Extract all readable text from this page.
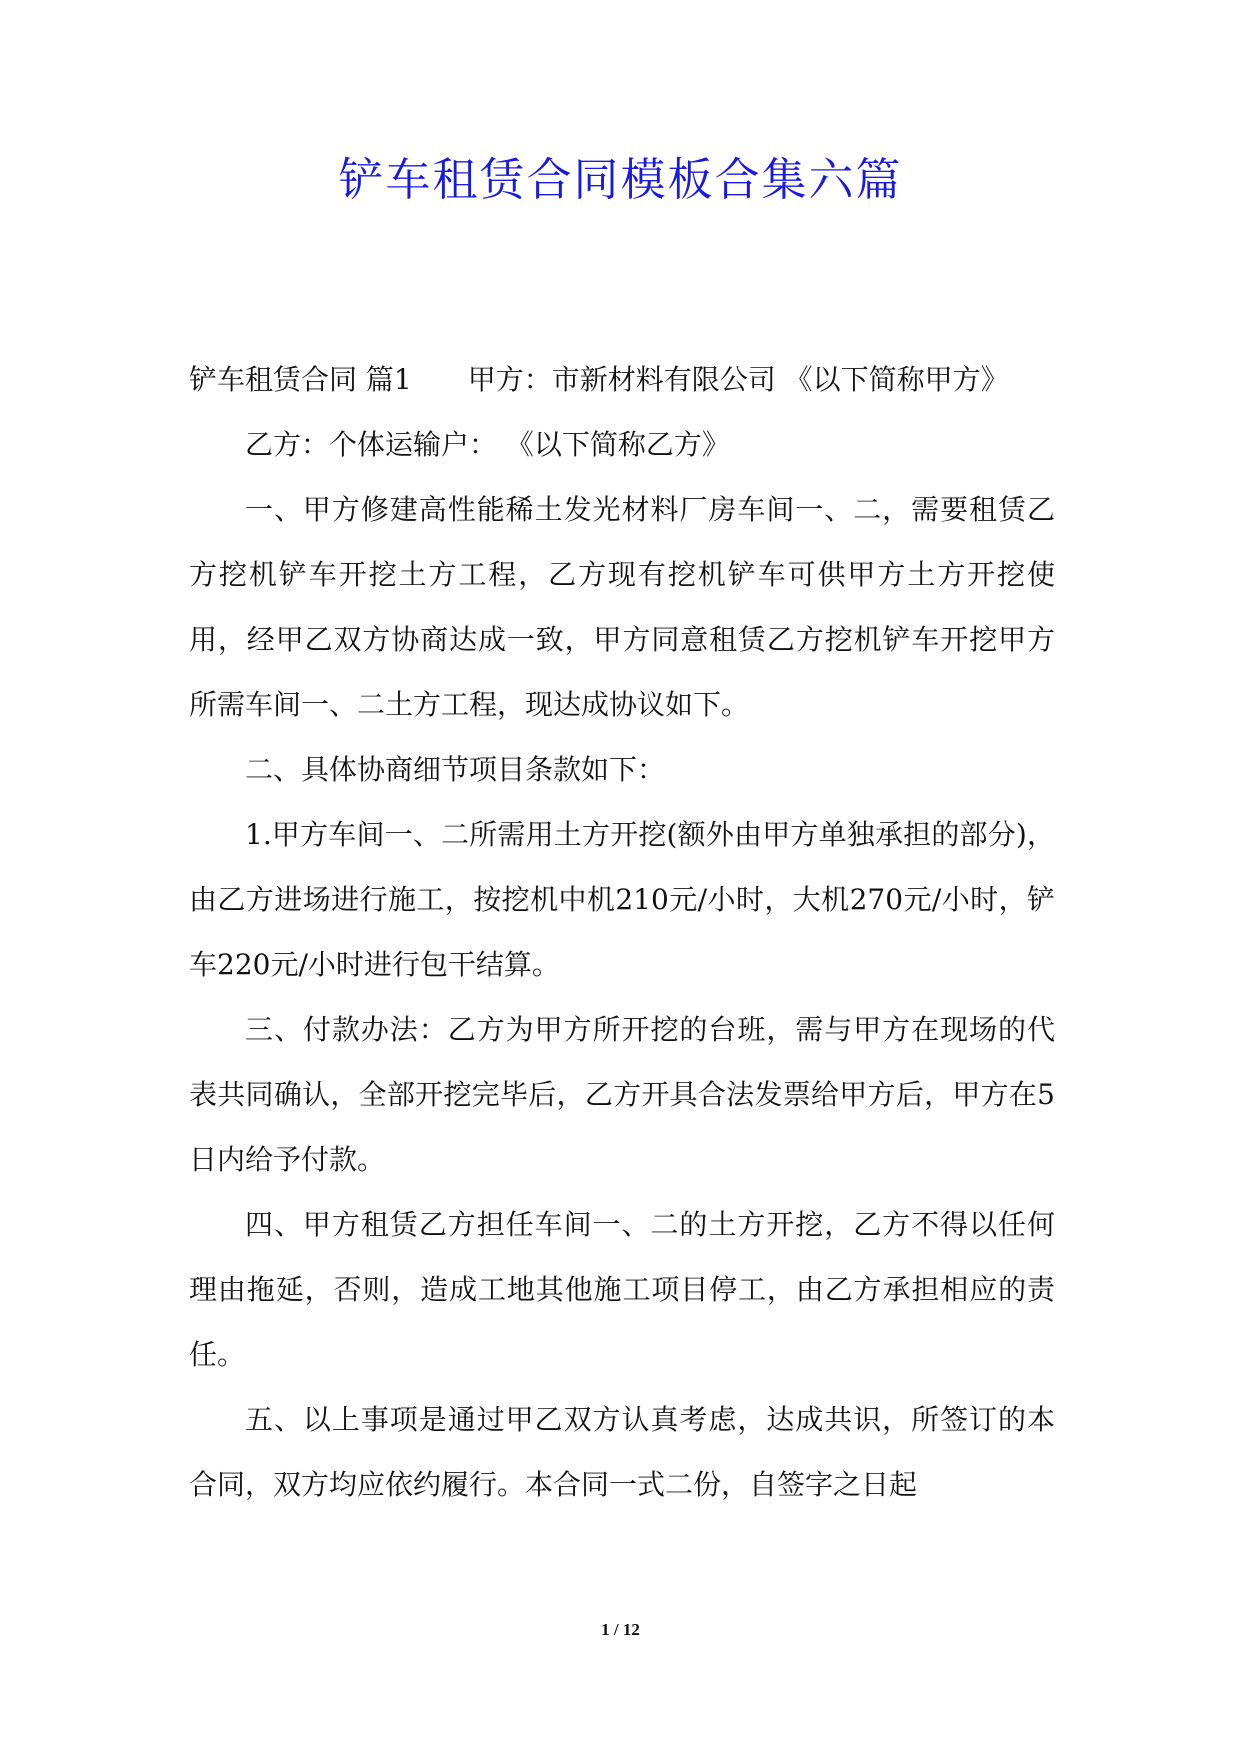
铲车租赁合同模板合集六篇

铲车租赁合同 篇1　　甲方：市新材料有限公司 《以下简称甲方》

乙方：个体运输户： 《以下简称乙方》

一、甲方修建高性能稀土发光材料厂房车间一、二，需要租赁乙方挖机铲车开挖土方工程，乙方现有挖机铲车可供甲方土方开挖使用，经甲乙双方协商达成一致，甲方同意租赁乙方挖机铲车开挖甲方所需车间一、二土方工程，现达成协议如下。

二、具体协商细节项目条款如下：

1.甲方车间一、二所需用土方开挖(额外由甲方单独承担的部分)，由乙方进场进行施工，按挖机中机210元/小时，大机270元/小时，铲车220元/小时进行包干结算。

三、付款办法：乙方为甲方所开挖的台班，需与甲方在现场的代表共同确认，全部开挖完毕后，乙方开具合法发票给甲方后，甲方在5日内给予付款。

四、甲方租赁乙方担任车间一、二的土方开挖，乙方不得以任何理由拖延，否则，造成工地其他施工项目停工，由乙方承担相应的责任。

五、以上事项是通过甲乙双方认真考虑，达成共识，所签订的本合同，双方均应依约履行。本合同一式二份，自签字之日起

1 / 12
